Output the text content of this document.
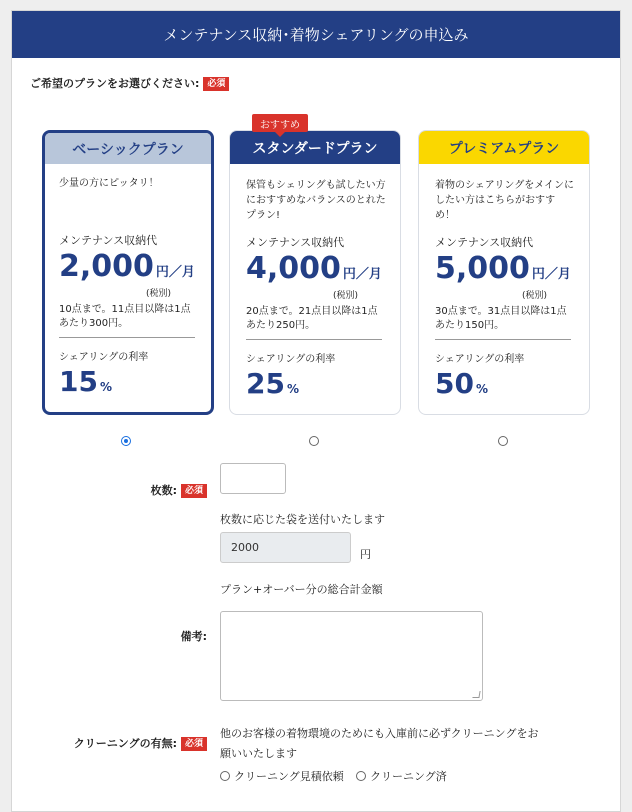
メンテナンス収納･着物シェアリングの申込み
ご希望のプランをお選びください: 必須
ベーシックプラン
少量の方にピッタリ！
メンテナンス収納代
2,000 円／月
(税別)
10点まで。11点目以降は1点あたり300円。
シェアリングの利率
15 %
スタンダードプラン
保管もシェリングも試したい方におすすめなバランスのとれたプラン!
メンテナンス収納代
4,000 円／月
(税別)
20点まで。21点目以降は1点あたり250円。
シェアリングの利率
25 %
プレミアムプラン
着物のシェアリングをメインにしたい方はこちらがおすすめ！
メンテナンス収納代
5,000 円／月
(税別)
30点まで。31点目以降は1点あたり150円。
シェアリングの利率
50 %
おすすめ
枚数: 必須
枚数に応じた袋を送付いたします
2000
円
プラン+オーバー分の総合計金額
備考:
クリーニングの有無: 必須
他のお客様の着物環境のためにも入庫前に必ずクリーニングをお願いいたします
クリーニング見積依頼 クリーニング済
